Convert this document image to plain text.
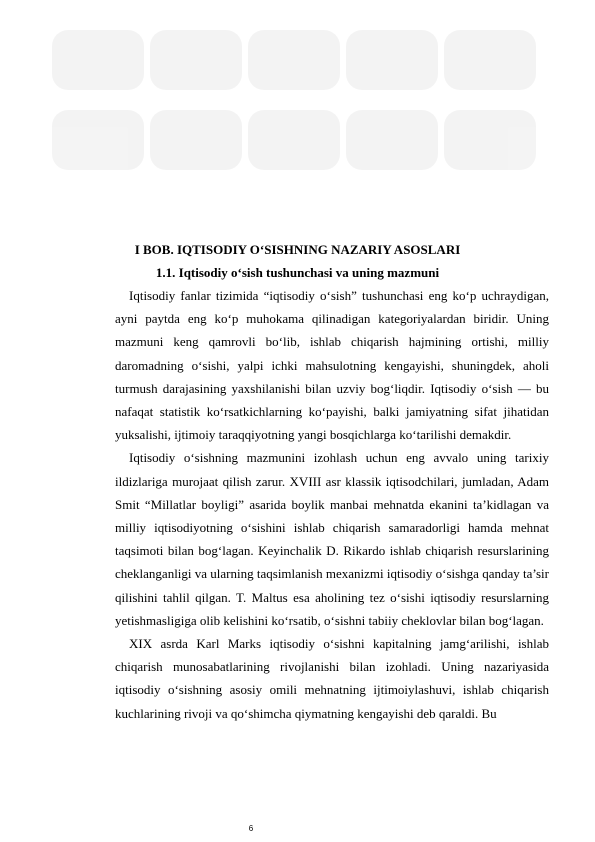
I BOB. IQTISODIY O‘SISHNING NAZARIY ASOSLARI
1.1. Iqtisodiy o‘sish tushunchasi va uning mazmuni

Iqtisodiy fanlar tizimida “iqtisodiy o‘sish” tushunchasi eng ko‘p uchraydigan, ayni paytda eng ko‘p muhokama qilinadigan kategoriyalardan biridir. Uning mazmuni keng qamrovli bo‘lib, ishlab chiqarish hajmining ortishi, milliy daromadning o‘sishi, yalpi ichki mahsulotning kengayishi, shuningdek, aholi turmush darajasining yaxshilanishi bilan uzviy bog‘liqdir. Iqtisodiy o‘sish — bu nafaqat statistik ko‘rsatkichlarning ko‘payishi, balki jamiyatning sifat jihatidan yuksalishi, ijtimoiy taraqqiyotning yangi bosqichlarga ko‘tarilishi demakdir.

Iqtisodiy o‘sishning mazmunini izohlash uchun eng avvalo uning tarixiy ildizlariga murojaat qilish zarur. XVIII asr klassik iqtisodchilari, jumladan, Adam Smit “Millatlar boyligi” asarida boylik manbai mehnatda ekanini ta’kidlagan va milliy iqtisodiyotning o‘sishini ishlab chiqarish samaradorligi hamda mehnat taqsimoti bilan bog‘lagan. Keyinchalik D. Rikardo ishlab chiqarish resurslarining cheklanganligi va ularning taqsimlanish mexanizmi iqtisodiy o‘sishga qanday ta’sir qilishini tahlil qilgan. T. Maltus esa aholining tez o‘sishi iqtisodiy resurslarning yetishmasligiga olib kelishini ko‘rsatib, o‘sishni tabiiy cheklovlar bilan bog‘lagan.

XIX asrda Karl Marks iqtisodiy o‘sishni kapitalning jamg‘arilishi, ishlab chiqarish munosabatlarining rivojlanishi bilan izohladi. Uning nazariyasida iqtisodiy o‘sishning asosiy omili mehnatning ijtimoiylashuvi, ishlab chiqarish kuchlarining rivoji va qo‘shimcha qiymatning kengayishi deb qaraldi. Bu

6
